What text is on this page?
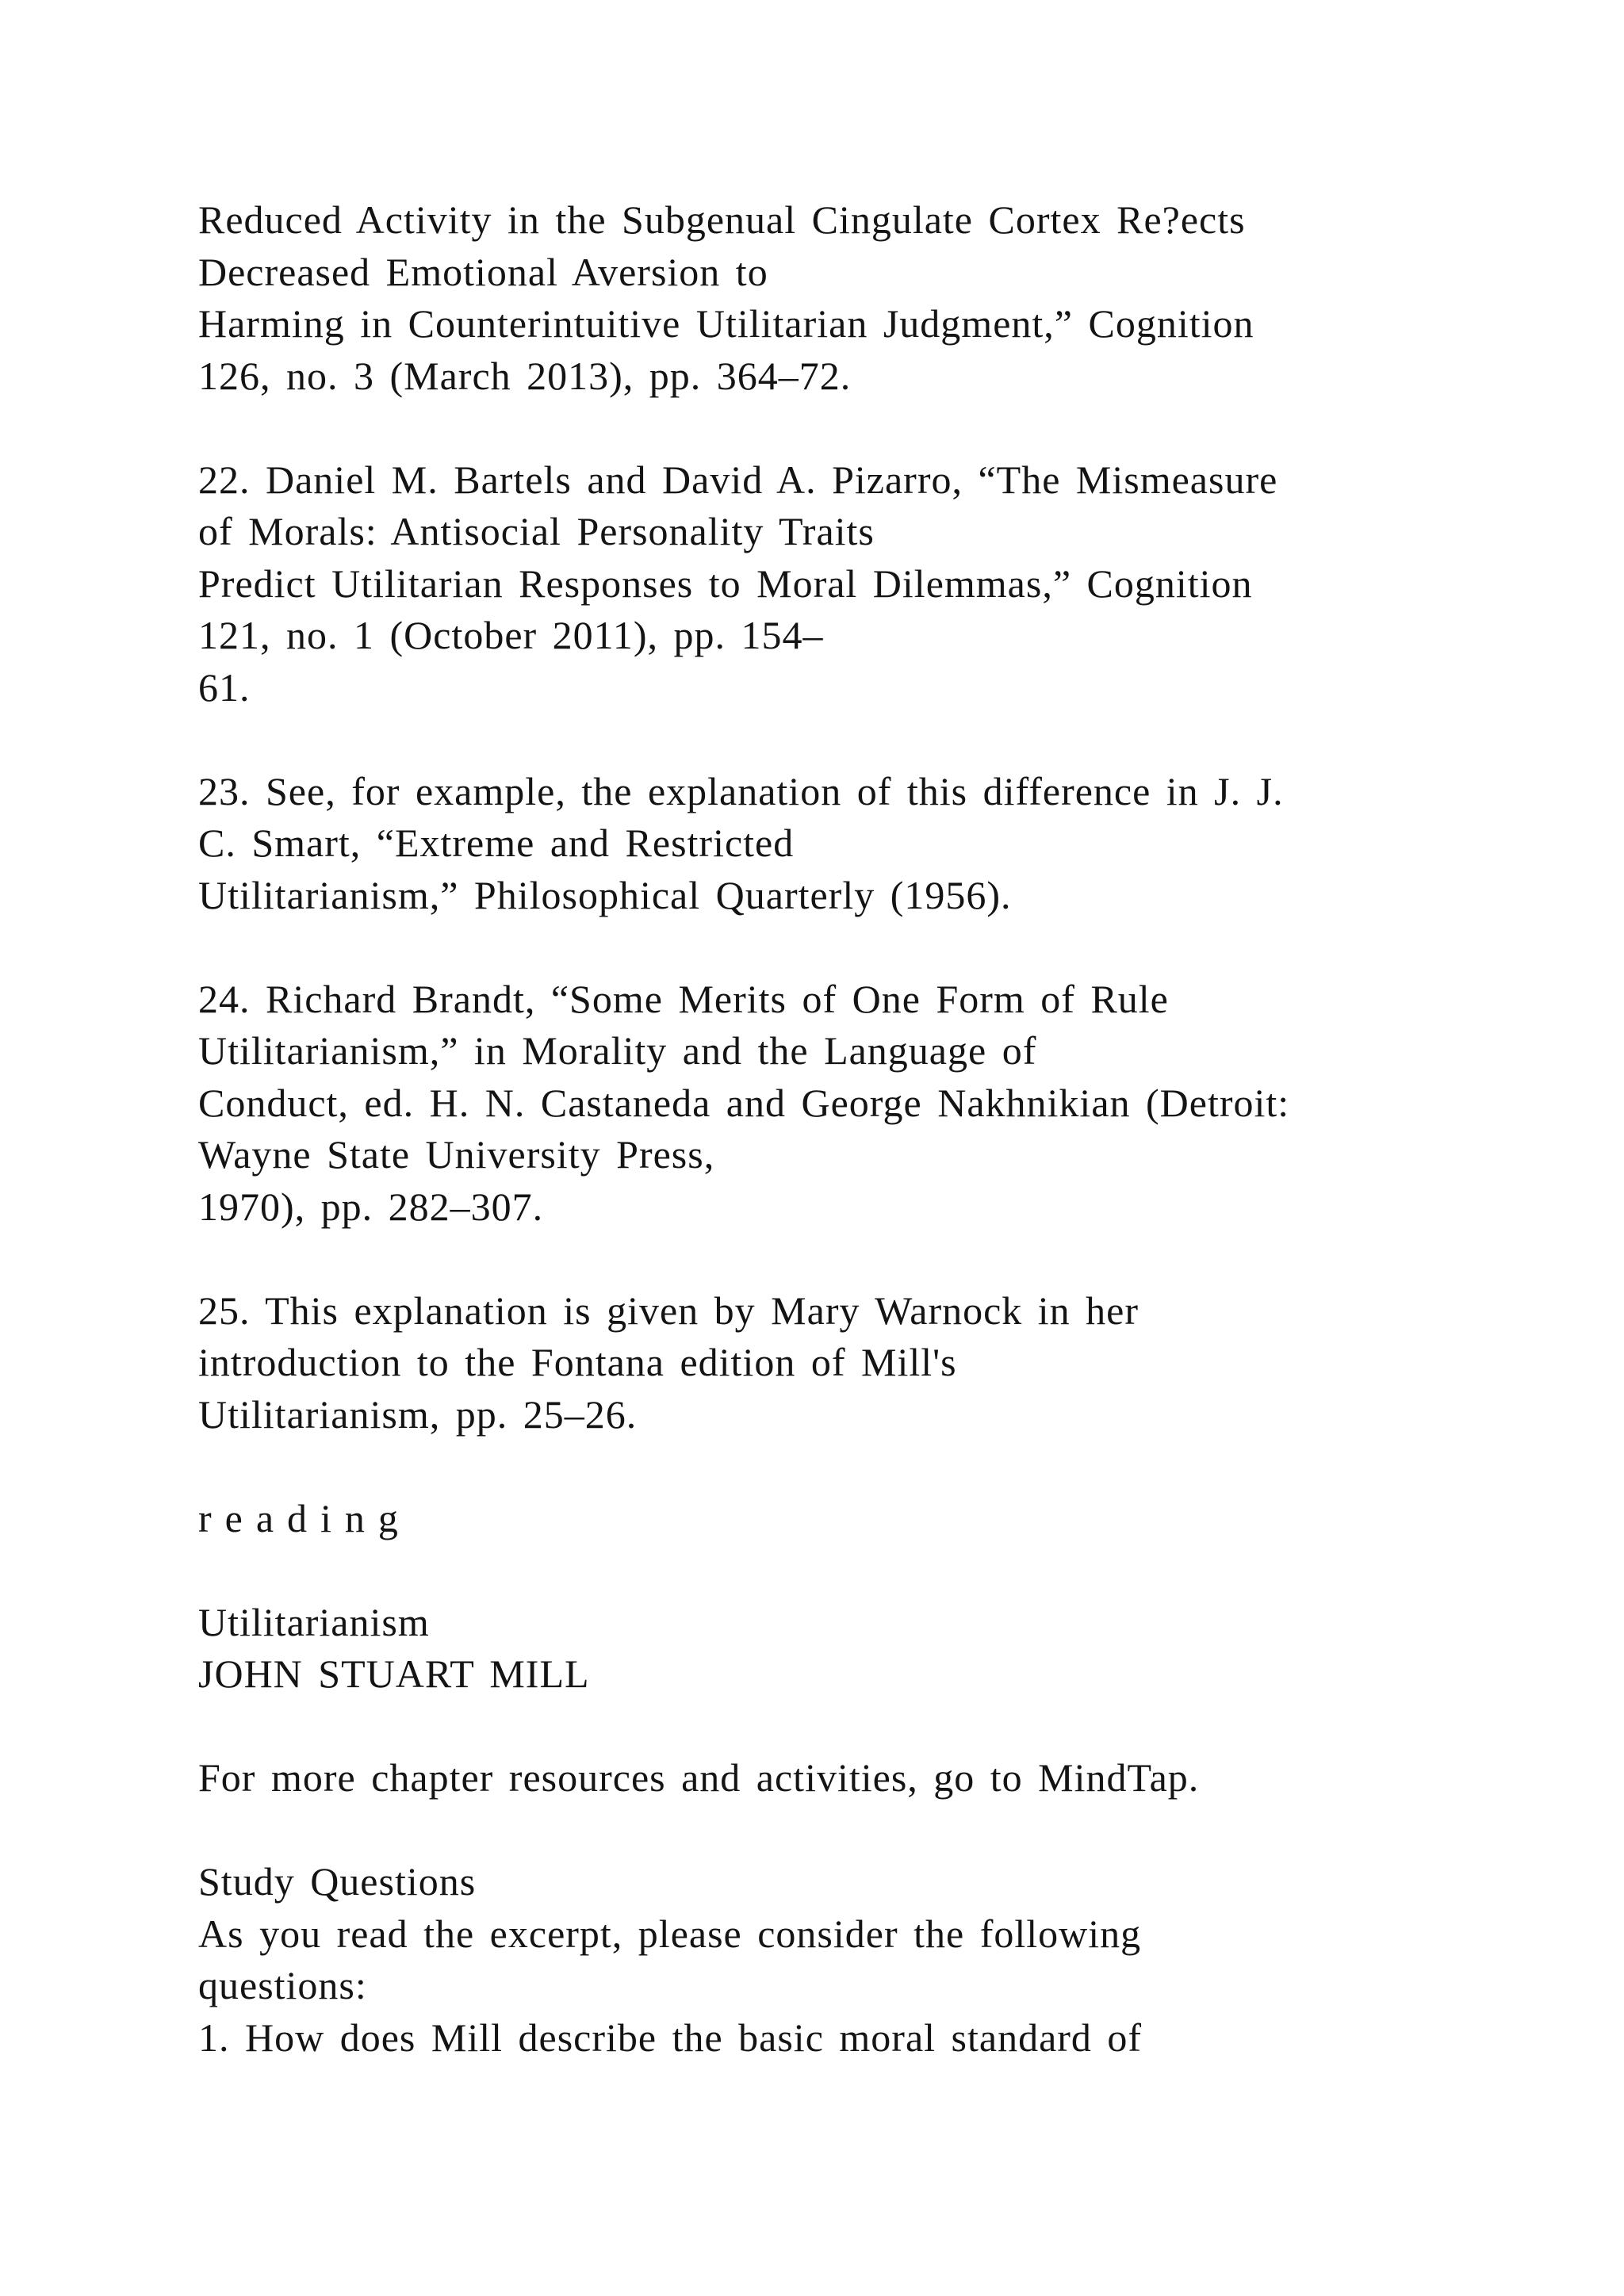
Reduced Activity in the Subgenual Cingulate Cortex Re?ects
Decreased Emotional Aversion to
Harming in Counterintuitive Utilitarian Judgment,” Cognition
126, no. 3 (March 2013), pp. 364–72.
22. Daniel M. Bartels and David A. Pizarro, “The Mismeasure
of Morals: Antisocial Personality Traits
Predict Utilitarian Responses to Moral Dilemmas,” Cognition
121, no. 1 (October 2011), pp. 154–
61.
23. See, for example, the explanation of this difference in J. J.
C. Smart, “Extreme and Restricted
Utilitarianism,” Philosophical Quarterly (1956).
24. Richard Brandt, “Some Merits of One Form of Rule
Utilitarianism,” in Morality and the Language of
Conduct, ed. H. N. Castaneda and George Nakhnikian (Detroit:
Wayne State University Press,
1970), pp. 282–307.
25. This explanation is given by Mary Warnock in her
introduction to the Fontana edition of Mill's
Utilitarianism, pp. 25–26.
reading
Utilitarianism
JOHN STUART MILL
For more chapter resources and activities, go to MindTap.
Study Questions
As you read the excerpt, please consider the following
questions:
1. How does Mill describe the basic moral standard of
